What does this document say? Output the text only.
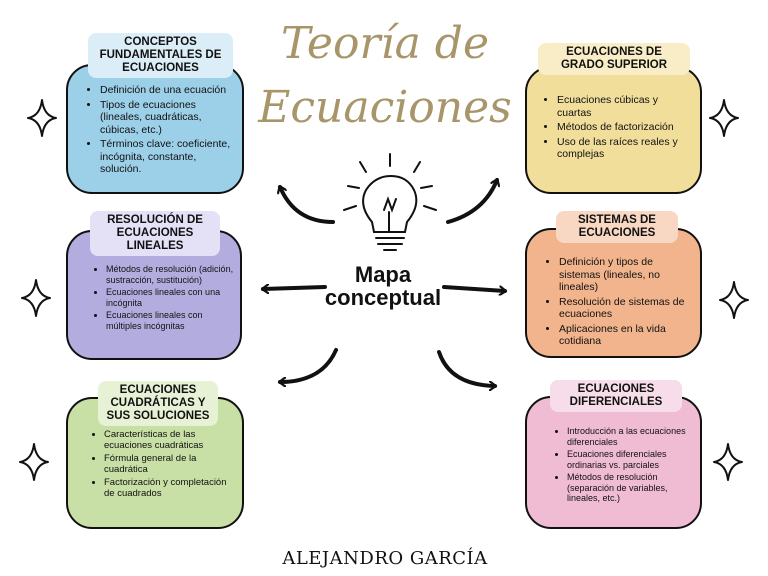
Teoría de
Ecuaciones
• Definición de una ecuación
• Tipos de ecuaciones (lineales, cuadráticas, cúbicas, etc.)
• Términos clave: coeficiente, incógnita, constante, solución.
CONCEPTOS FUNDAMENTALES DE ECUACIONES
• Métodos de resolución (adición, sustracción, sustitución)
• Ecuaciones lineales con una incógnita
• Ecuaciones lineales con múltiples incógnitas
RESOLUCIÓN DE ECUACIONES LINEALES
• Características de las ecuaciones cuadráticas
• Fórmula general de la cuadrática
• Factorización y completación de cuadrados
ECUACIONES CUADRÁTICAS Y SUS SOLUCIONES
• Ecuaciones cúbicas y cuartas
• Métodos de factorización
• Uso de las raíces reales y complejas
ECUACIONES DE GRADO SUPERIOR
• Definición y tipos de sistemas (lineales, no lineales)
• Resolución de sistemas de ecuaciones
• Aplicaciones en la vida cotidiana
SISTEMAS DE ECUACIONES
• Introducción a las ecuaciones diferenciales
• Ecuaciones diferenciales ordinarias vs. parciales
• Métodos de resolución (separación de variables, lineales, etc.)
ECUACIONES DIFERENCIALES
Mapa
conceptual
ALEJANDRO GARCÍA
